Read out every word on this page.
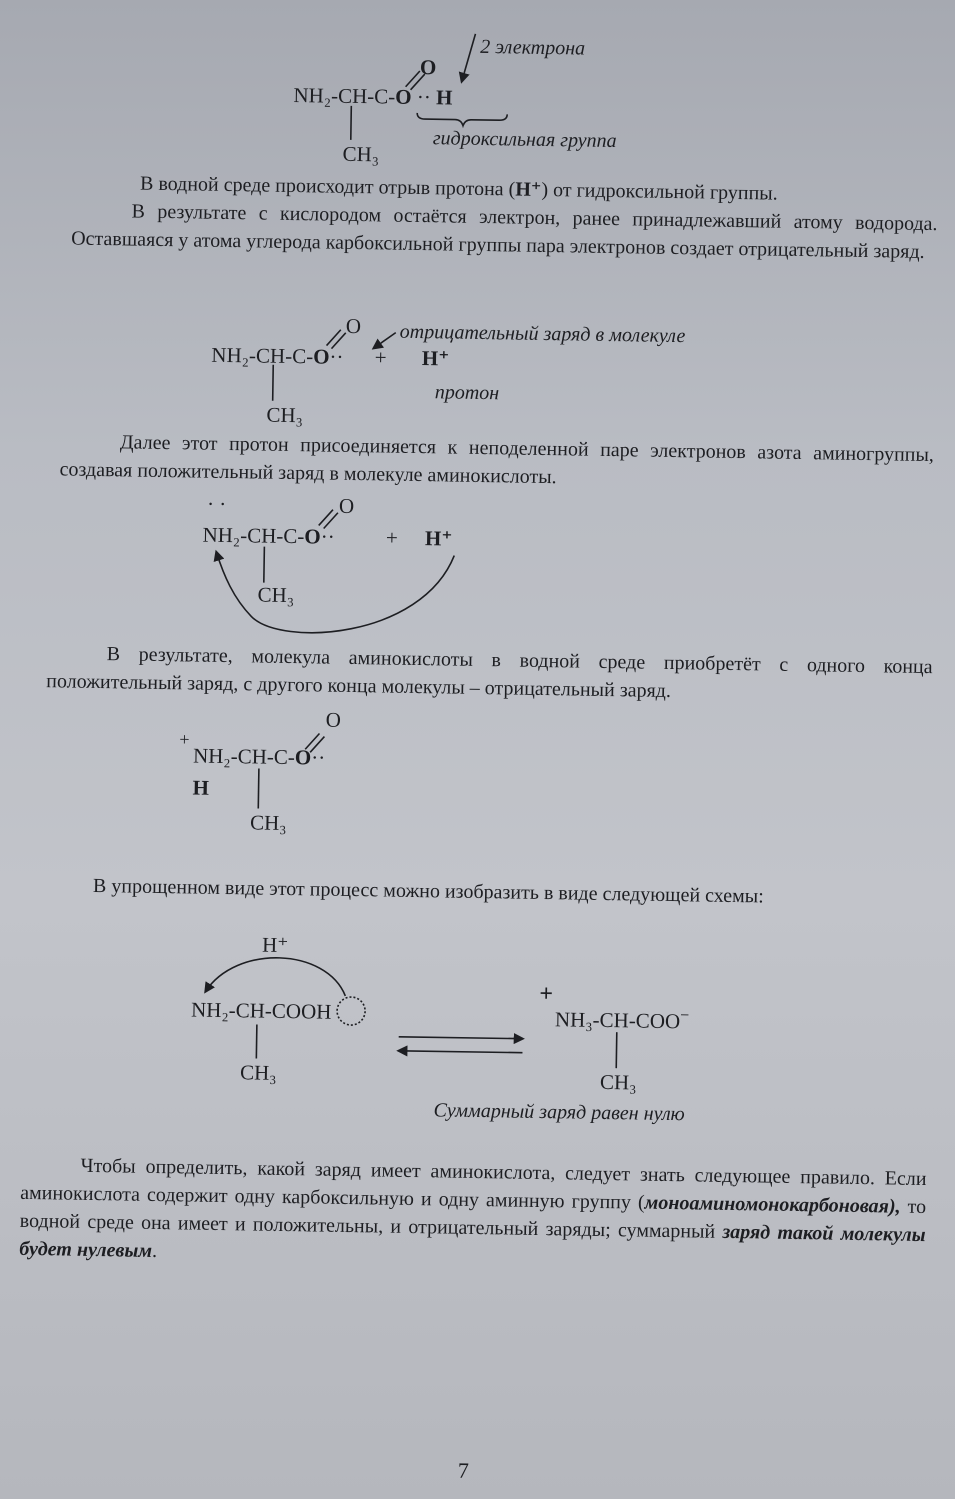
NH₂-CH-C-O ·· H
O
CH₃
2 электрона
гидроксильная группа
В водной среде происходит отрыв протона (H⁺) от гидроксильной группы.

В результате с кислородом остаётся электрон, ранее принадлежавший атому водорода. Оставшаяся у атома углерода карбоксильной группы пара электронов создает отрицательный заряд.

NH₂-CH-C-O·· + H⁺
O
CH₃
отрицательный заряд в молекуле
протон

Далее этот протон присоединяется к неподеленной паре электронов азота аминогруппы, создавая положительный заряд в молекуле аминокислоты.

· ·
NH₂-CH-C-O·· + H⁺
O
CH₃

В результате, молекула аминокислоты в водной среде приобретёт с одного конца положительный заряд, с другого конца молекулы – отрицательный заряд.

+
NH₂-CH-C-O··
H
O
CH₃

В упрощенном виде этот процесс можно изобразить в виде следующей схемы:

H⁺
NH₂-CH-COOH
CH₃
+
NH₃-CH-COO−
CH₃
Суммарный заряд равен нулю
Чтобы определить, какой заряд имеет аминокислота, следует знать следующее правило. Если аминокислота содержит одну карбоксильную и одну аминную группу (моноаминомонокарбоновая), то водной среде она имеет и положительны, и отрицательный заряды; суммарный заряд такой молекулы будет нулевым.
7
